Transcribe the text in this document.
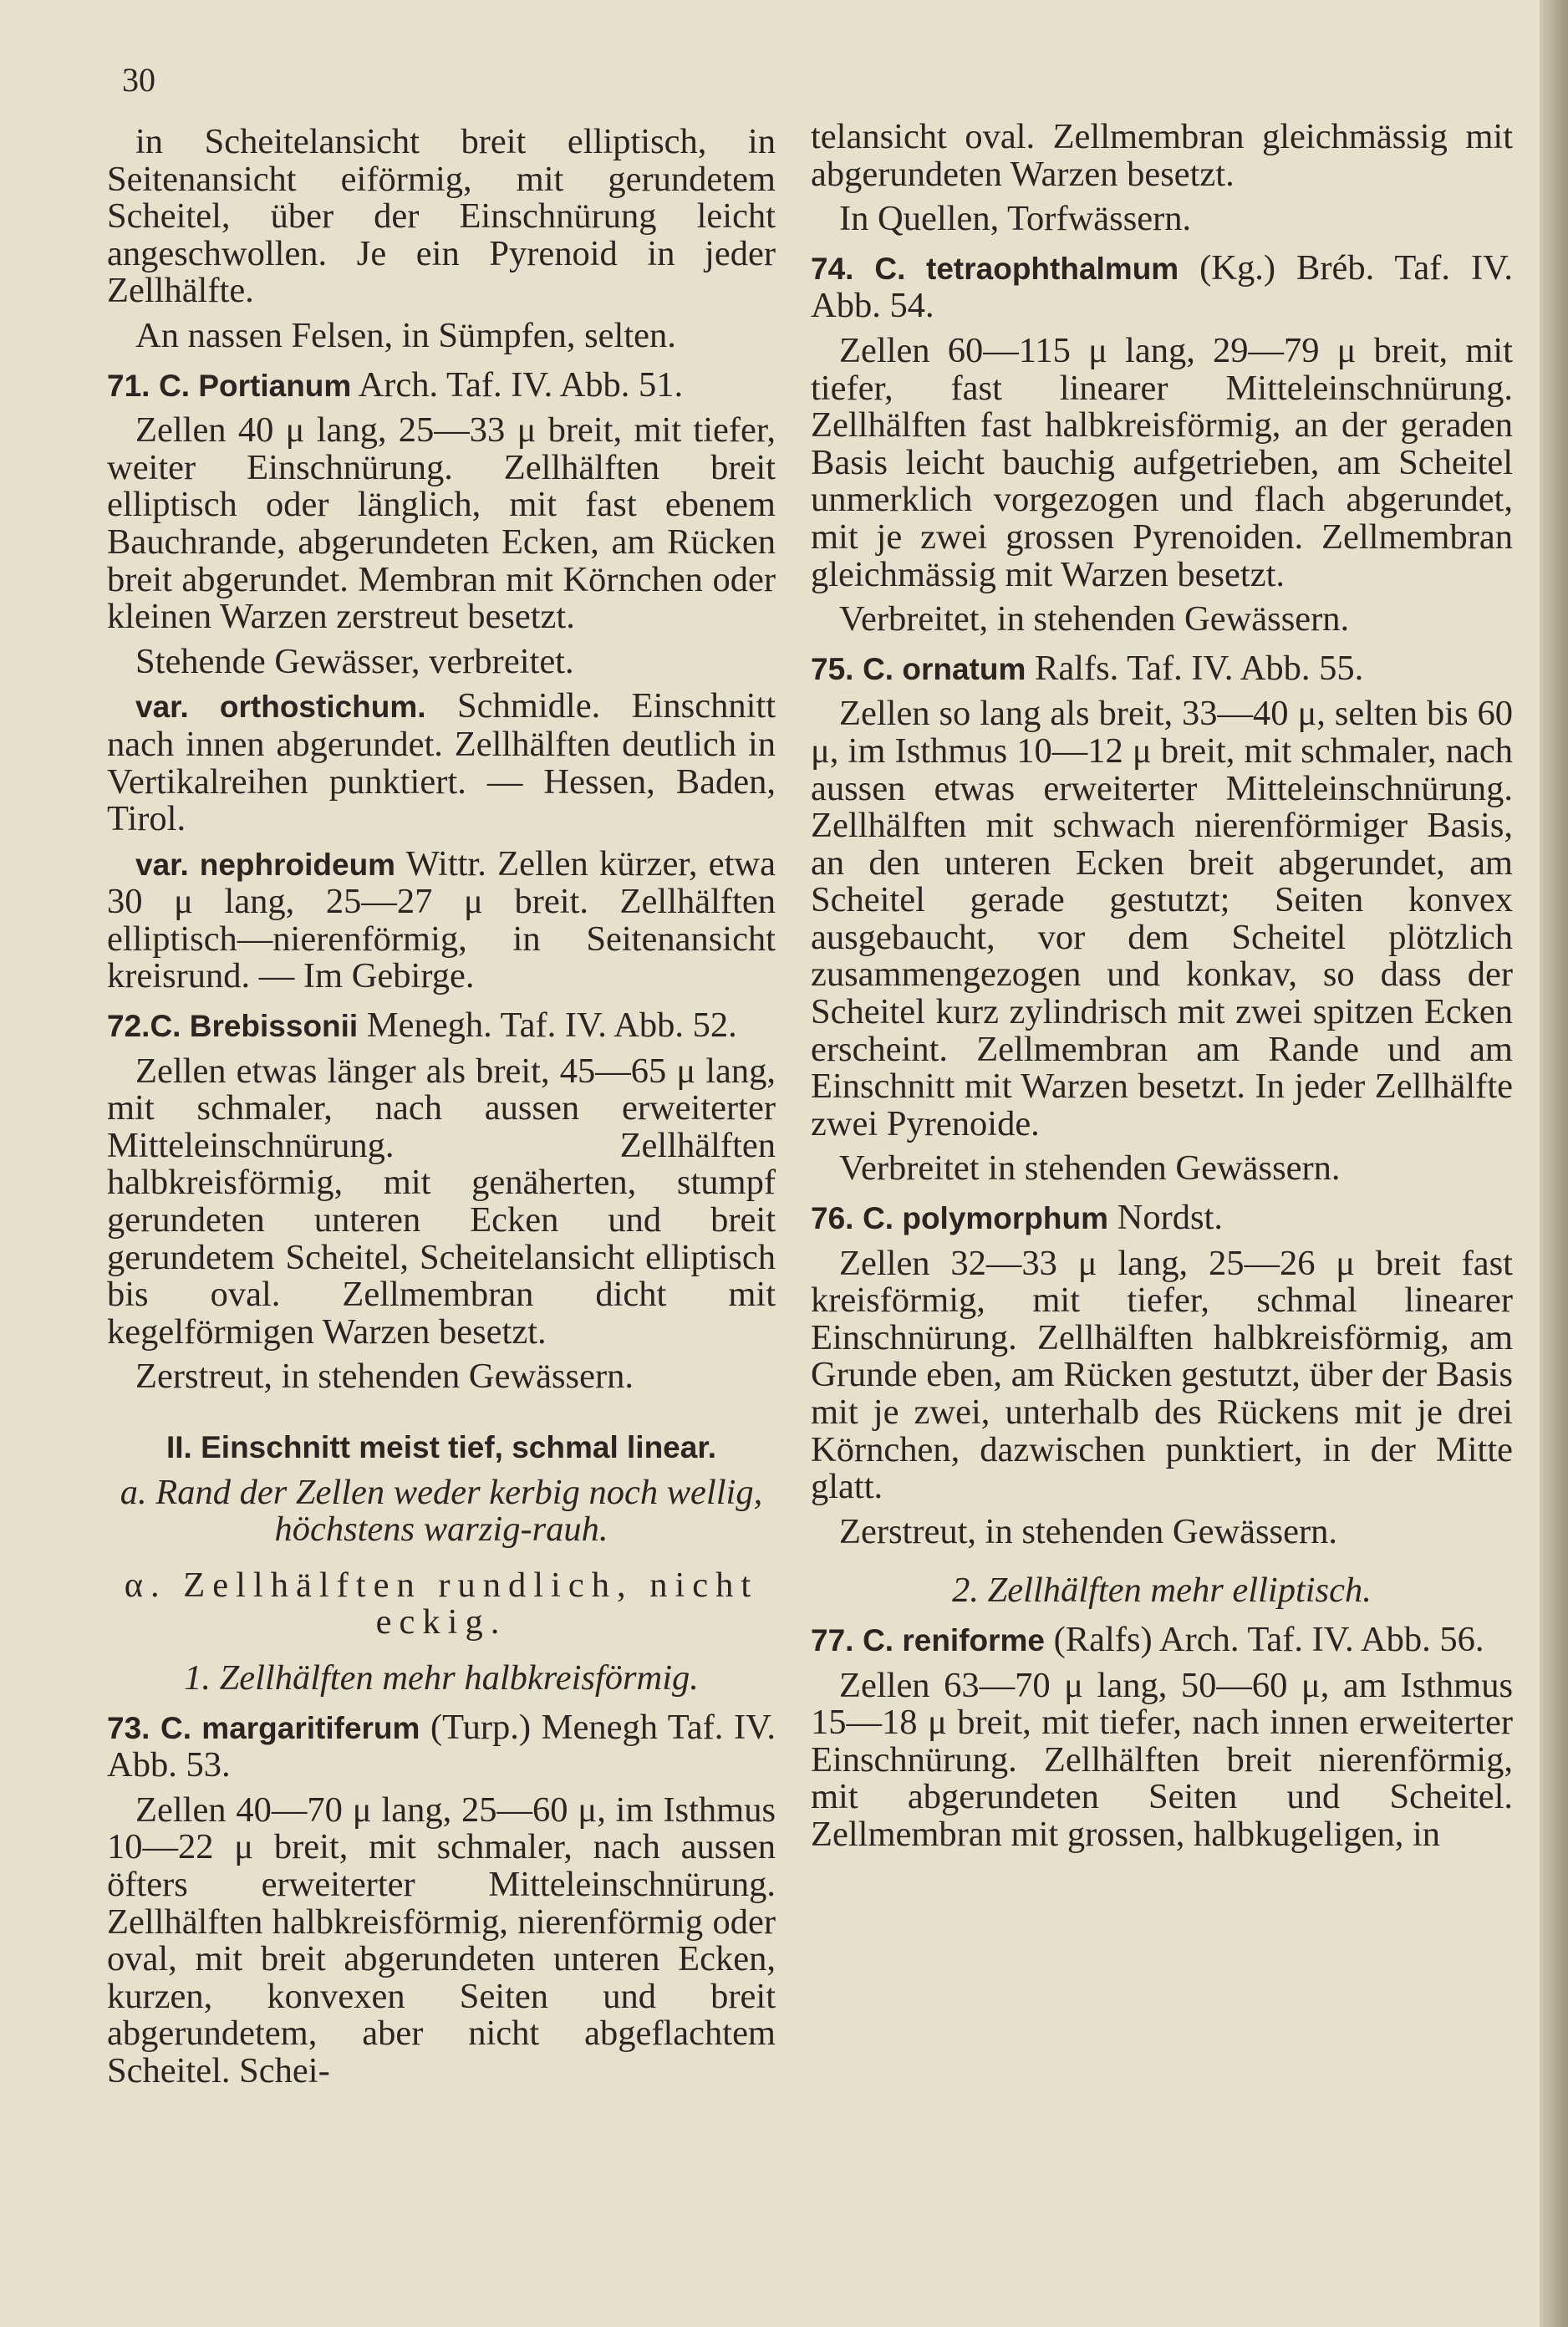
30

in Scheitelansicht breit elliptisch, in Seitenansicht eiförmig, mit gerundetem Scheitel, über der Einschnürung leicht angeschwollen. Je ein Pyrenoid in jeder Zellhälfte.

An nassen Felsen, in Sümpfen, selten.

71. C. Portianum Arch. Taf. IV. Abb. 51.

Zellen 40 μ lang, 25—33 μ breit, mit tiefer, weiter Einschnürung. Zellhälften breit elliptisch oder länglich, mit fast ebenem Bauchrande, abgerundeten Ecken, am Rücken breit abgerundet. Membran mit Körnchen oder kleinen Warzen zerstreut besetzt.

Stehende Gewässer, verbreitet.

var. orthostichum. Schmidle. Einschnitt nach innen abgerundet. Zellhälften deutlich in Vertikalreihen punktiert. — Hessen, Baden, Tirol.

var. nephroideum Wittr. Zellen kürzer, etwa 30 μ lang, 25—27 μ breit. Zellhälften elliptisch—nierenförmig, in Seitenansicht kreisrund. — Im Gebirge.

72.C. Brebissonii Menegh. Taf. IV. Abb. 52.

Zellen etwas länger als breit, 45—65 μ lang, mit schmaler, nach aussen erweiterter Mitteleinschnürung. Zellhälften halbkreisförmig, mit genäherten, stumpf gerundeten unteren Ecken und breit gerundetem Scheitel, Scheitelansicht elliptisch bis oval. Zellmembran dicht mit kegelförmigen Warzen besetzt.

Zerstreut, in stehenden Gewässern.

II. Einschnitt meist tief, schmal linear.

a. Rand der Zellen weder kerbig noch wellig, höchstens warzig-rauh.

α. Zellhälften rundlich, nicht eckig.

1. Zellhälften mehr halbkreisförmig.

73. C. margaritiferum (Turp.) Menegh Taf. IV. Abb. 53.

Zellen 40—70 μ lang, 25—60 μ, im Isthmus 10—22 μ breit, mit schmaler, nach aussen öfters erweiterter Mitteleinschnürung. Zellhälften halbkreisförmig, nierenförmig oder oval, mit breit abgerundeten unteren Ecken, kurzen, konvexen Seiten und breit abgerundetem, aber nicht abgeflachtem Scheitel. Schei-

telansicht oval. Zellmembran gleichmässig mit abgerundeten Warzen besetzt.

In Quellen, Torfwässern.

74. C. tetraophthalmum (Kg.) Bréb. Taf. IV. Abb. 54.

Zellen 60—115 μ lang, 29—79 μ breit, mit tiefer, fast linearer Mitteleinschnürung. Zellhälften fast halbkreisförmig, an der geraden Basis leicht bauchig aufgetrieben, am Scheitel unmerklich vorgezogen und flach abgerundet, mit je zwei grossen Pyrenoiden. Zellmembran gleichmässig mit Warzen besetzt.

Verbreitet, in stehenden Gewässern.

75. C. ornatum Ralfs. Taf. IV. Abb. 55.

Zellen so lang als breit, 33—40 μ, selten bis 60 μ, im Isthmus 10—12 μ breit, mit schmaler, nach aussen etwas erweiterter Mitteleinschnürung. Zellhälften mit schwach nierenförmiger Basis, an den unteren Ecken breit abgerundet, am Scheitel gerade gestutzt; Seiten konvex ausgebaucht, vor dem Scheitel plötzlich zusammengezogen und konkav, so dass der Scheitel kurz zylindrisch mit zwei spitzen Ecken erscheint. Zellmembran am Rande und am Einschnitt mit Warzen besetzt. In jeder Zellhälfte zwei Pyrenoide.

Verbreitet in stehenden Gewässern.

76. C. polymorphum Nordst.

Zellen 32—33 μ lang, 25—26 μ breit fast kreisförmig, mit tiefer, schmal linearer Einschnürung. Zellhälften halbkreisförmig, am Grunde eben, am Rücken gestutzt, über der Basis mit je zwei, unterhalb des Rückens mit je drei Körnchen, dazwischen punktiert, in der Mitte glatt.

Zerstreut, in stehenden Gewässern.

2. Zellhälften mehr elliptisch.

77. C. reniforme (Ralfs) Arch. Taf. IV. Abb. 56.

Zellen 63—70 μ lang, 50—60 μ, am Isthmus 15—18 μ breit, mit tiefer, nach innen erweiterter Einschnürung. Zellhälften breit nierenförmig, mit abgerundeten Seiten und Scheitel. Zellmembran mit grossen, halbkugeligen, in
